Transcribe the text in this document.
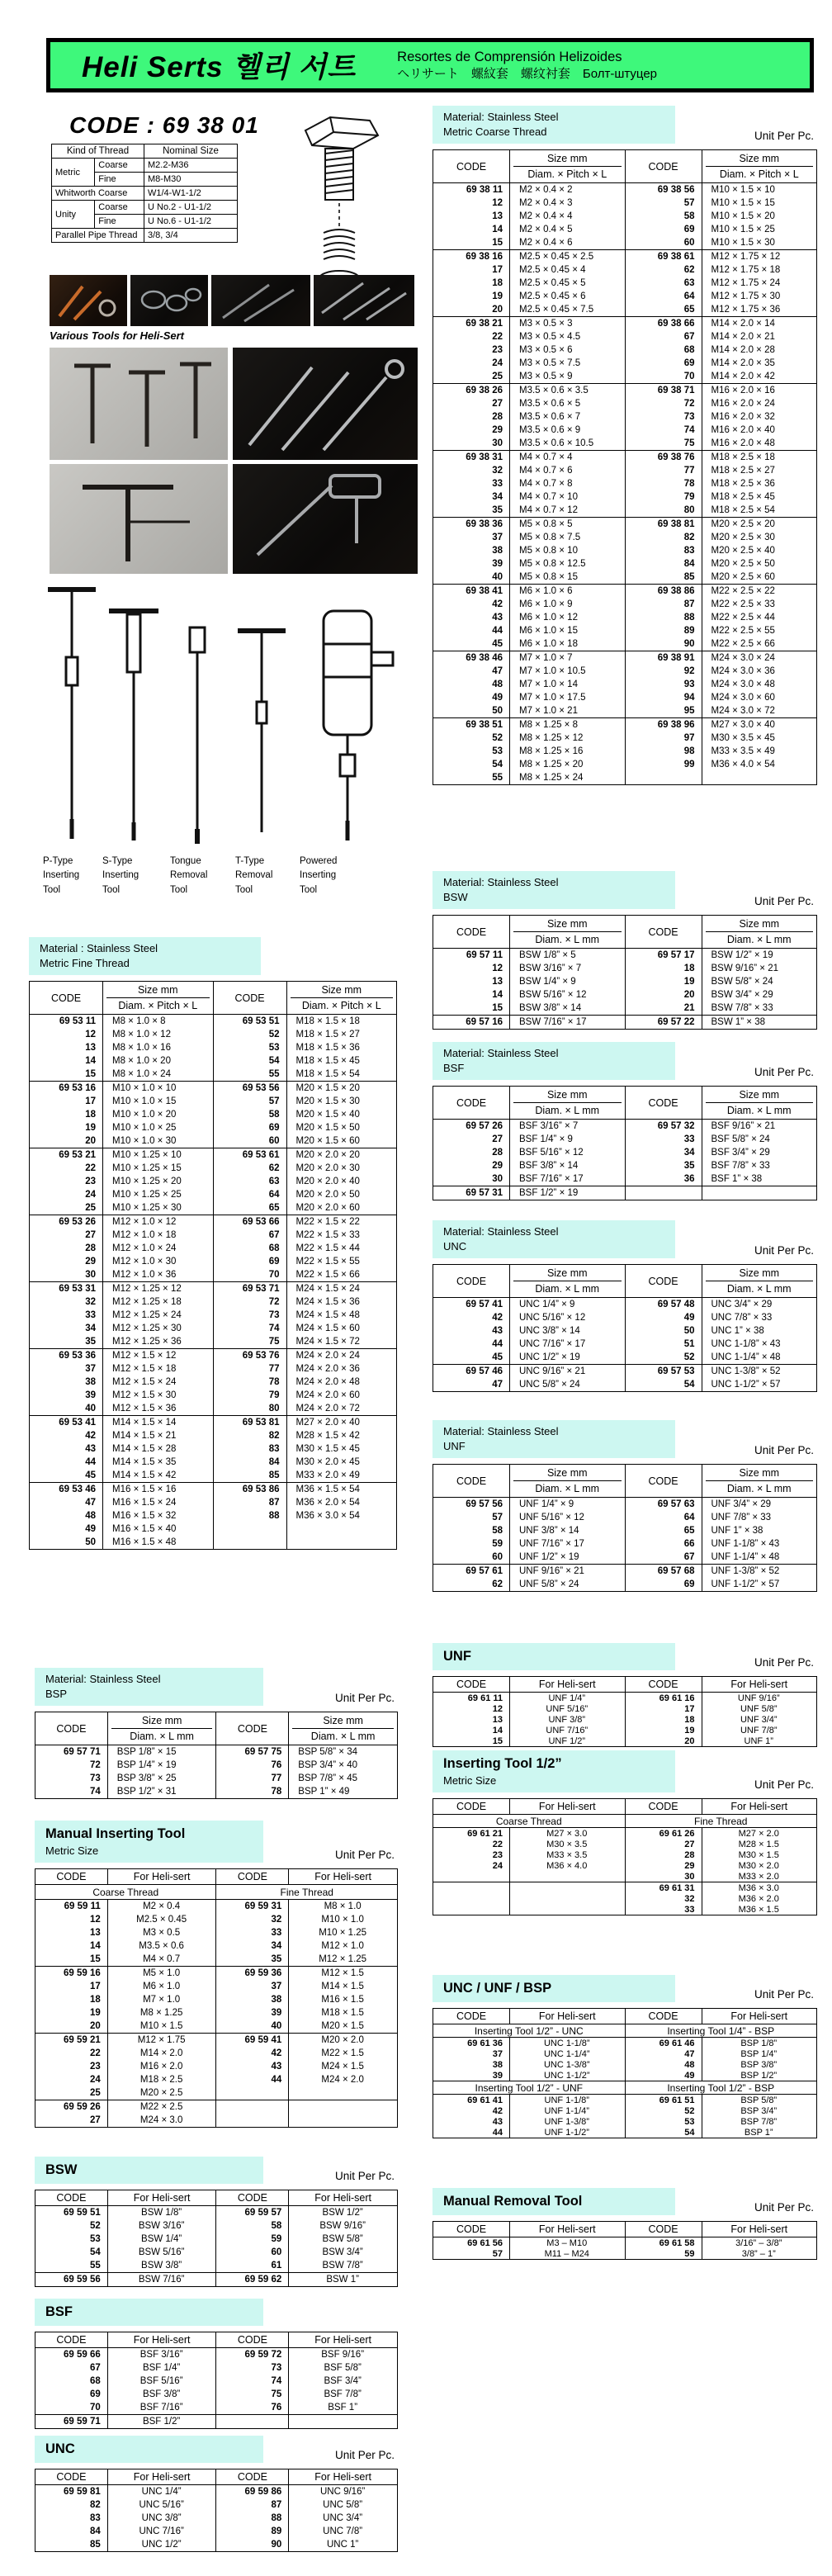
Heli Serts 헬리 서트	Resortes de Comprensión Helizoides
ヘリサート　螺紋套　螺纹衬套　Болт-штуцер
CODE : 69 38 01
Kind of Thread		Nominal Size
Metric	Coarse	M2.2-M36
	Fine	M8-M30
Whitworth Coarse		W1/4-W1-1/2
Unity	Coarse	U No.2 - U1-1/2
	Fine	U No.6 - U1-1/2
Parallel Pipe Thread		3/8, 3/4
Various Tools for Heli-Sert
P-Type
Inserting
Tool
S-Type
Inserting
Tool
Tongue
Removal
Tool
T-Type
Removal
Tool
Powered
Inserting
Tool
Material : Stainless Steel
Metric Fine Thread
CODE	
Size mm
Diam. × Pitch × L
	CODE	
Size mm
Diam. × Pitch × L

69 53 11	M8 × 1.0 × 8	69 53 51	M18 × 1.5 × 18
12	M8 × 1.0 × 12	52	M18 × 1.5 × 27
13	M8 × 1.0 × 16	53	M18 × 1.5 × 36
14	M8 × 1.0 × 20	54	M18 × 1.5 × 45
15	M8 × 1.0 × 24	55	M18 × 1.5 × 54
69 53 16	M10 × 1.0 × 10	69 53 56	M20 × 1.5 × 20
17	M10 × 1.0 × 15	57	M20 × 1.5 × 30
18	M10 × 1.0 × 20	58	M20 × 1.5 × 40
19	M10 × 1.0 × 25	69	M20 × 1.5 × 50
20	M10 × 1.0 × 30	60	M20 × 1.5 × 60
69 53 21	M10 × 1.25 × 10	69 53 61	M20 × 2.0 × 20
22	M10 × 1.25 × 15	62	M20 × 2.0 × 30
23	M10 × 1.25 × 20	63	M20 × 2.0 × 40
24	M10 × 1.25 × 25	64	M20 × 2.0 × 50
25	M10 × 1.25 × 30	65	M20 × 2.0 × 60
69 53 26	M12 × 1.0 × 12	69 53 66	M22 × 1.5 × 22
27	M12 × 1.0 × 18	67	M22 × 1.5 × 33
28	M12 × 1.0 × 24	68	M22 × 1.5 × 44
29	M12 × 1.0 × 30	69	M22 × 1.5 × 55
30	M12 × 1.0 × 36	70	M22 × 1.5 × 66
69 53 31	M12 × 1.25 × 12	69 53 71	M24 × 1.5 × 24
32	M12 × 1.25 × 18	72	M24 × 1.5 × 36
33	M12 × 1.25 × 24	73	M24 × 1.5 × 48
34	M12 × 1.25 × 30	74	M24 × 1.5 × 60
35	M12 × 1.25 × 36	75	M24 × 1.5 × 72
69 53 36	M12 × 1.5 × 12	69 53 76	M24 × 2.0 × 24
37	M12 × 1.5 × 18	77	M24 × 2.0 × 36
38	M12 × 1.5 × 24	78	M24 × 2.0 × 48
39	M12 × 1.5 × 30	79	M24 × 2.0 × 60
40	M12 × 1.5 × 36	80	M24 × 2.0 × 72
69 53 41	M14 × 1.5 × 14	69 53 81	M27 × 2.0 × 40
42	M14 × 1.5 × 21	82	M28 × 1.5 × 42
43	M14 × 1.5 × 28	83	M30 × 1.5 × 45
44	M14 × 1.5 × 35	84	M30 × 2.0 × 45
45	M14 × 1.5 × 42	85	M33 × 2.0 × 49
69 53 46	M16 × 1.5 × 16	69 53 86	M36 × 1.5 × 54
47	M16 × 1.5 × 24	87	M36 × 2.0 × 54
48	M16 × 1.5 × 32	88	M36 × 3.0 × 54
49	M16 × 1.5 × 40		
50	M16 × 1.5 × 48		
Material: Stainless Steel
BSP	Unit Per Pc.
CODE	
Size mm
Diam. × L mm
	CODE	
Size mm
Diam. × L mm

69 57 71	BSP 1/8” × 15	69 57 75	BSP 5/8” × 34
72	BSP 1/4” × 19	76	BSP 3/4” × 40
73	BSP 3/8” × 25	77	BSP 7/8” × 45
74	BSP 1/2” × 31	78	BSP 1” × 49
Manual Inserting Tool
Metric Size	Unit Per Pc.
CODE	For Heli-sert	CODE	For Heli-sert
Coarse Thread		Fine Thread	
69 59 11	M2 × 0.4	69 59 31	M8 × 1.0
12	M2.5 × 0.45	32	M10 × 1.0
13	M3 × 0.5	33	M10 × 1.25
14	M3.5 × 0.6	34	M12 × 1.0
15	M4 × 0.7	35	M12 × 1.25
69 59 16	M5 × 1.0	69 59 36	M12 × 1.5
17	M6 × 1.0	37	M14 × 1.5
18	M7 × 1.0	38	M16 × 1.5
19	M8 × 1.25	39	M18 × 1.5
20	M10 × 1.5	40	M20 × 1.5
69 59 21	M12 × 1.75	69 59 41	M20 × 2.0
22	M14 × 2.0	42	M22 × 1.5
23	M16 × 2.0	43	M24 × 1.5
24	M18 × 2.5	44	M24 × 2.0
25	M20 × 2.5		
69 59 26	M22 × 2.5		
27	M24 × 3.0		
BSW	Unit Per Pc.
CODE	For Heli-sert	CODE	For Heli-sert
69 59 51	BSW 1/8”	69 59 57	BSW 1/2”
52	BSW 3/16”	58	BSW 9/16”
53	BSW 1/4”	59	BSW 5/8”
54	BSW 5/16”	60	BSW 3/4”
55	BSW 3/8”	61	BSW 7/8”
69 59 56	BSW 7/16”	69 59 62	BSW 1”
BSF
CODE	For Heli-sert	CODE	For Heli-sert
69 59 66	BSF 3/16”	69 59 72	BSF 9/16”
67	BSF 1/4”	73	BSF 5/8”
68	BSF 5/16”	74	BSF 3/4”
69	BSF 3/8”	75	BSF 7/8”
70	BSF 7/16”	76	BSF 1”
69 59 71	BSF 1/2”		
UNC	Unit Per Pc.
CODE	For Heli-sert	CODE	For Heli-sert
69 59 81	UNC 1/4”	69 59 86	UNC 9/16”
82	UNC 5/16”	87	UNC 5/8”
83	UNC 3/8”	88	UNC 3/4”
84	UNC 7/16”	89	UNC 7/8”
85	UNC 1/2”	90	UNC 1”
Material: Stainless Steel
Metric Coarse Thread	Unit Per Pc.
CODE	
Size mm
Diam. × Pitch × L
	CODE	
Size mm
Diam. × Pitch × L

69 38 11	M2 × 0.4 × 2	69 38 56	M10 × 1.5 × 10
12	M2 × 0.4 × 3	57	M10 × 1.5 × 15
13	M2 × 0.4 × 4	58	M10 × 1.5 × 20
14	M2 × 0.4 × 5	69	M10 × 1.5 × 25
15	M2 × 0.4 × 6	60	M10 × 1.5 × 30
69 38 16	M2.5 × 0.45 × 2.5	69 38 61	M12 × 1.75 × 12
17	M2.5 × 0.45 × 4	62	M12 × 1.75 × 18
18	M2.5 × 0.45 × 5	63	M12 × 1.75 × 24
19	M2.5 × 0.45 × 6	64	M12 × 1.75 × 30
20	M2.5 × 0.45 × 7.5	65	M12 × 1.75 × 36
69 38 21	M3 × 0.5 × 3	69 38 66	M14 × 2.0 × 14
22	M3 × 0.5 × 4.5	67	M14 × 2.0 × 21
23	M3 × 0.5 × 6	68	M14 × 2.0 × 28
24	M3 × 0.5 × 7.5	69	M14 × 2.0 × 35
25	M3 × 0.5 × 9	70	M14 × 2.0 × 42
69 38 26	M3.5 × 0.6 × 3.5	69 38 71	M16 × 2.0 × 16
27	M3.5 × 0.6 × 5	72	M16 × 2.0 × 24
28	M3.5 × 0.6 × 7	73	M16 × 2.0 × 32
29	M3.5 × 0.6 × 9	74	M16 × 2.0 × 40
30	M3.5 × 0.6 × 10.5	75	M16 × 2.0 × 48
69 38 31	M4 × 0.7 × 4	69 38 76	M18 × 2.5 × 18
32	M4 × 0.7 × 6	77	M18 × 2.5 × 27
33	M4 × 0.7 × 8	78	M18 × 2.5 × 36
34	M4 × 0.7 × 10	79	M18 × 2.5 × 45
35	M4 × 0.7 × 12	80	M18 × 2.5 × 54
69 38 36	M5 × 0.8 × 5	69 38 81	M20 × 2.5 × 20
37	M5 × 0.8 × 7.5	82	M20 × 2.5 × 30
38	M5 × 0.8 × 10	83	M20 × 2.5 × 40
39	M5 × 0.8 × 12.5	84	M20 × 2.5 × 50
40	M5 × 0.8 × 15	85	M20 × 2.5 × 60
69 38 41	M6 × 1.0 × 6	69 38 86	M22 × 2.5 × 22
42	M6 × 1.0 × 9	87	M22 × 2.5 × 33
43	M6 × 1.0 × 12	88	M22 × 2.5 × 44
44	M6 × 1.0 × 15	89	M22 × 2.5 × 55
45	M6 × 1.0 × 18	90	M22 × 2.5 × 66
69 38 46	M7 × 1.0 × 7	69 38 91	M24 × 3.0 × 24
47	M7 × 1.0 × 10.5	92	M24 × 3.0 × 36
48	M7 × 1.0 × 14	93	M24 × 3.0 × 48
49	M7 × 1.0 × 17.5	94	M24 × 3.0 × 60
50	M7 × 1.0 × 21	95	M24 × 3.0 × 72
69 38 51	M8 × 1.25 × 8	69 38 96	M27 × 3.0 × 40
52	M8 × 1.25 × 12	97	M30 × 3.5 × 45
53	M8 × 1.25 × 16	98	M33 × 3.5 × 49
54	M8 × 1.25 × 20	99	M36 × 4.0 × 54
55	M8 × 1.25 × 24		
Material: Stainless Steel
BSW	Unit Per Pc.
CODE	
Size mm
Diam. × L mm
	CODE	
Size mm
Diam. × L mm

69 57 11	BSW 1/8” × 5	69 57 17	BSW 1/2” × 19
12	BSW 3/16” × 7	18	BSW 9/16” × 21
13	BSW 1/4” × 9	19	BSW 5/8” × 24
14	BSW 5/16” × 12	20	BSW 3/4” × 29
15	BSW 3/8” × 14	21	BSW 7/8” × 33
69 57 16	BSW 7/16” × 17	69 57 22	BSW 1” × 38
Material: Stainless Steel
BSF	Unit Per Pc.
CODE	
Size mm
Diam. × L mm
	CODE	
Size mm
Diam. × L mm

69 57 26	BSF 3/16” × 7	69 57 32	BSF 9/16” × 21
27	BSF 1/4” × 9	33	BSF 5/8” × 24
28	BSF 5/16” × 12	34	BSF 3/4” × 29
29	BSF 3/8” × 14	35	BSF 7/8” × 33
30	BSF 7/16” × 17	36	BSF 1” × 38
69 57 31	BSF 1/2” × 19		
Material: Stainless Steel
UNC	Unit Per Pc.
CODE	
Size mm
Diam. × L mm
	CODE	
Size mm
Diam. × L mm

69 57 41	UNC 1/4” × 9	69 57 48	UNC 3/4” × 29
42	UNC 5/16” × 12	49	UNC 7/8” × 33
43	UNC 3/8” × 14	50	UNC 1” × 38
44	UNC 7/16” × 17	51	UNC 1-1/8” × 43
45	UNC 1/2” × 19	52	UNC 1-1/4” × 48
69 57 46	UNC 9/16” × 21	69 57 53	UNC 1-3/8” × 52
47	UNC 5/8” × 24	54	UNC 1-1/2” × 57
Material: Stainless Steel
UNF	Unit Per Pc.
CODE	
Size mm
Diam. × L mm
	CODE	
Size mm
Diam. × L mm

69 57 56	UNF 1/4” × 9	69 57 63	UNF 3/4” × 29
57	UNF 5/16” × 12	64	UNF 7/8” × 33
58	UNF 3/8” × 14	65	UNF 1” × 38
59	UNF 7/16” × 17	66	UNF 1-1/8” × 43
60	UNF 1/2” × 19	67	UNF 1-1/4” × 48
69 57 61	UNF 9/16” × 21	69 57 68	UNF 1-3/8” × 52
62	UNF 5/8” × 24	69	UNF 1-1/2” × 57
UNF	Unit Per Pc.
CODE	For Heli-sert	CODE	For Heli-sert
69 61 11	UNF 1/4”	69 61 16	UNF 9/16”
12	UNF 5/16”	17	UNF 5/8”
13	UNF 3/8”	18	UNF 3/4”
14	UNF 7/16”	19	UNF 7/8”
15	UNF 1/2”	20	UNF 1”
Inserting Tool 1/2”
Metric Size	Unit Per Pc.
CODE	For Heli-sert	CODE	For Heli-sert
Coarse Thread		Fine Thread	
69 61 21	M27 × 3.0	69 61 26	M27 × 2.0
22	M30 × 3.5	27	M28 × 1.5
23	M33 × 3.5	28	M30 × 1.5
24	M36 × 4.0	29	M30 × 2.0
		30	M33 × 2.0
		69 61 31	M36 × 3.0
		32	M36 × 2.0
		33	M36 × 1.5
UNC / UNF / BSP	Unit Per Pc.
CODE	For Heli-sert	CODE	For Heli-sert
Inserting Tool 1/2” - UNC		Inserting Tool 1/4” - BSP	
69 61 36	UNC 1-1/8”	69 61 46	BSP 1/8”
37	UNC 1-1/4”	47	BSP 1/4”
38	UNC 1-3/8”	48	BSP 3/8”
39	UNC 1-1/2”	49	BSP 1/2”
Inserting Tool 1/2” - UNF		Inserting Tool 1/2” - BSP	
69 61 41	UNF 1-1/8”	69 61 51	BSP 5/8”
42	UNF 1-1/4”	52	BSP 3/4”
43	UNF 1-3/8”	53	BSP 7/8”
44	UNF 1-1/2”	54	BSP 1”
Manual Removal Tool	Unit Per Pc.
CODE	For Heli-sert	CODE	For Heli-sert
69 61 56	M3 – M10	69 61 58	3/16” – 3/8”
57	M11 – M24	59	3/8” – 1”
